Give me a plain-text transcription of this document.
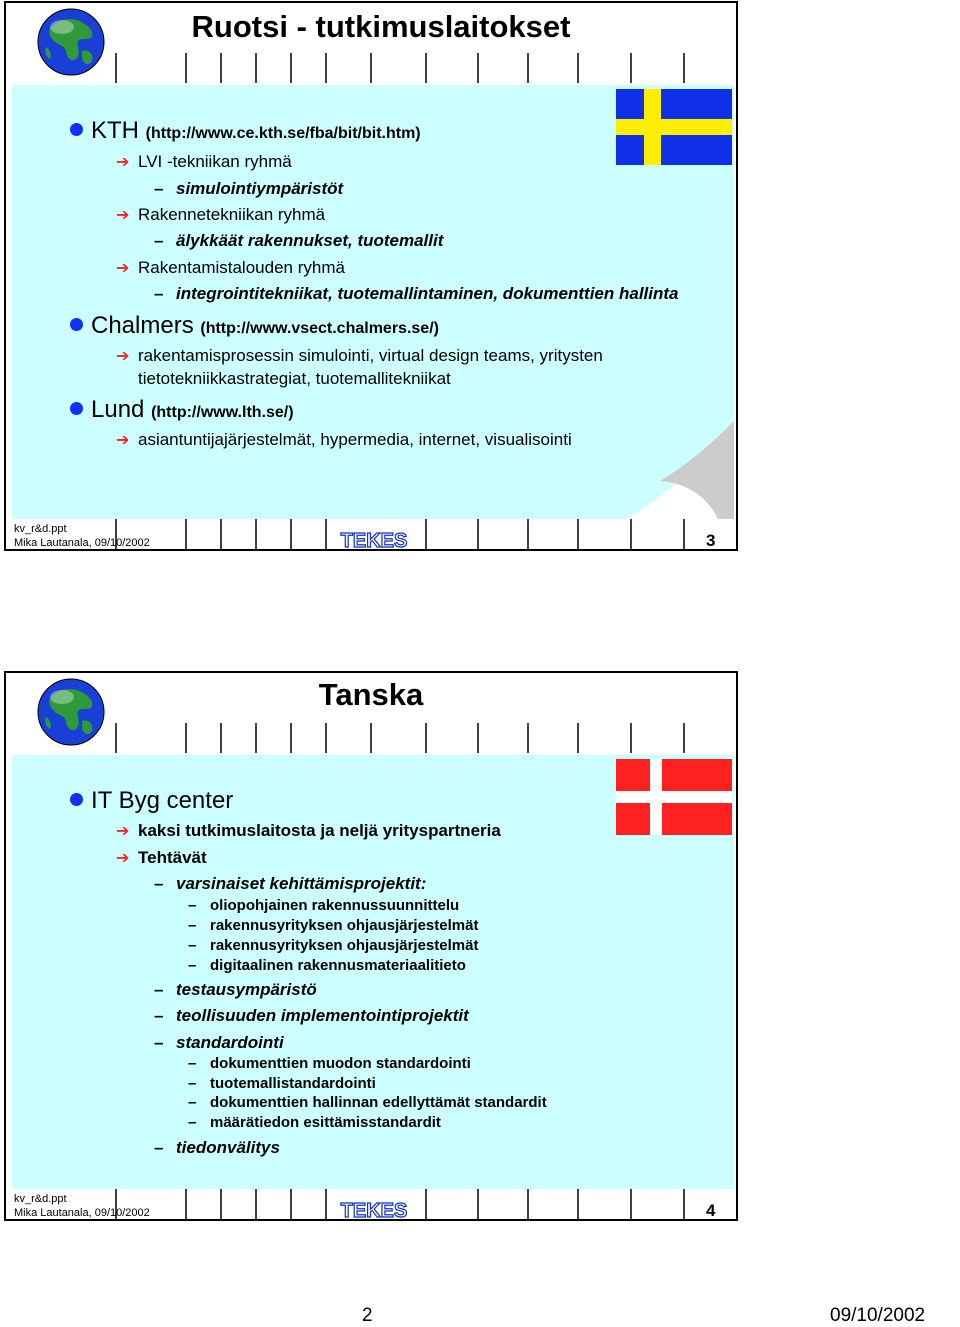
Ruotsi - tutkimuslaitokset
KTH (http://www.ce.kth.se/fba/bit/bit.htm)
➔ LVI -tekniikan ryhmä
– simulointiympäristöt
➔ Rakennetekniikan ryhmä
– älykkäät rakennukset, tuotemallit
➔ Rakentamistalouden ryhmä
– integrointitekniikat, tuotemallintaminen, dokumenttien hallinta
Chalmers (http://www.vsect.chalmers.se/)
➔ rakentamisprosessin simulointi, virtual design teams, yritysten
tietotekniikkastrategiat, tuotemallitekniikat
Lund (http://www.lth.se/)
➔ asiantuntijajärjestelmät, hypermedia, internet, visualisointi
kv_r&d.ppt
Mika Lautanala, 09/10/2002	TEKES	3
Tanska
IT Byg center
➔ kaksi tutkimuslaitosta ja neljä yrityspartneria
➔ Tehtävät
– varsinaiset kehittämisprojektit:
– oliopohjainen rakennussuunnittelu
– rakennusyrityksen ohjausjärjestelmät
– rakennusyrityksen ohjausjärjestelmät
– digitaalinen rakennusmateriaalitieto
– testausympäristö
– teollisuuden implementointiprojektit
– standardointi
– dokumenttien muodon standardointi
– tuotemallistandardointi
– dokumenttien hallinnan edellyttämät standardit
– määrätiedon esittämisstandardit
– tiedonvälitys
kv_r&d.ppt
Mika Lautanala, 09/10/2002	TEKES	4
2	09/10/2002
